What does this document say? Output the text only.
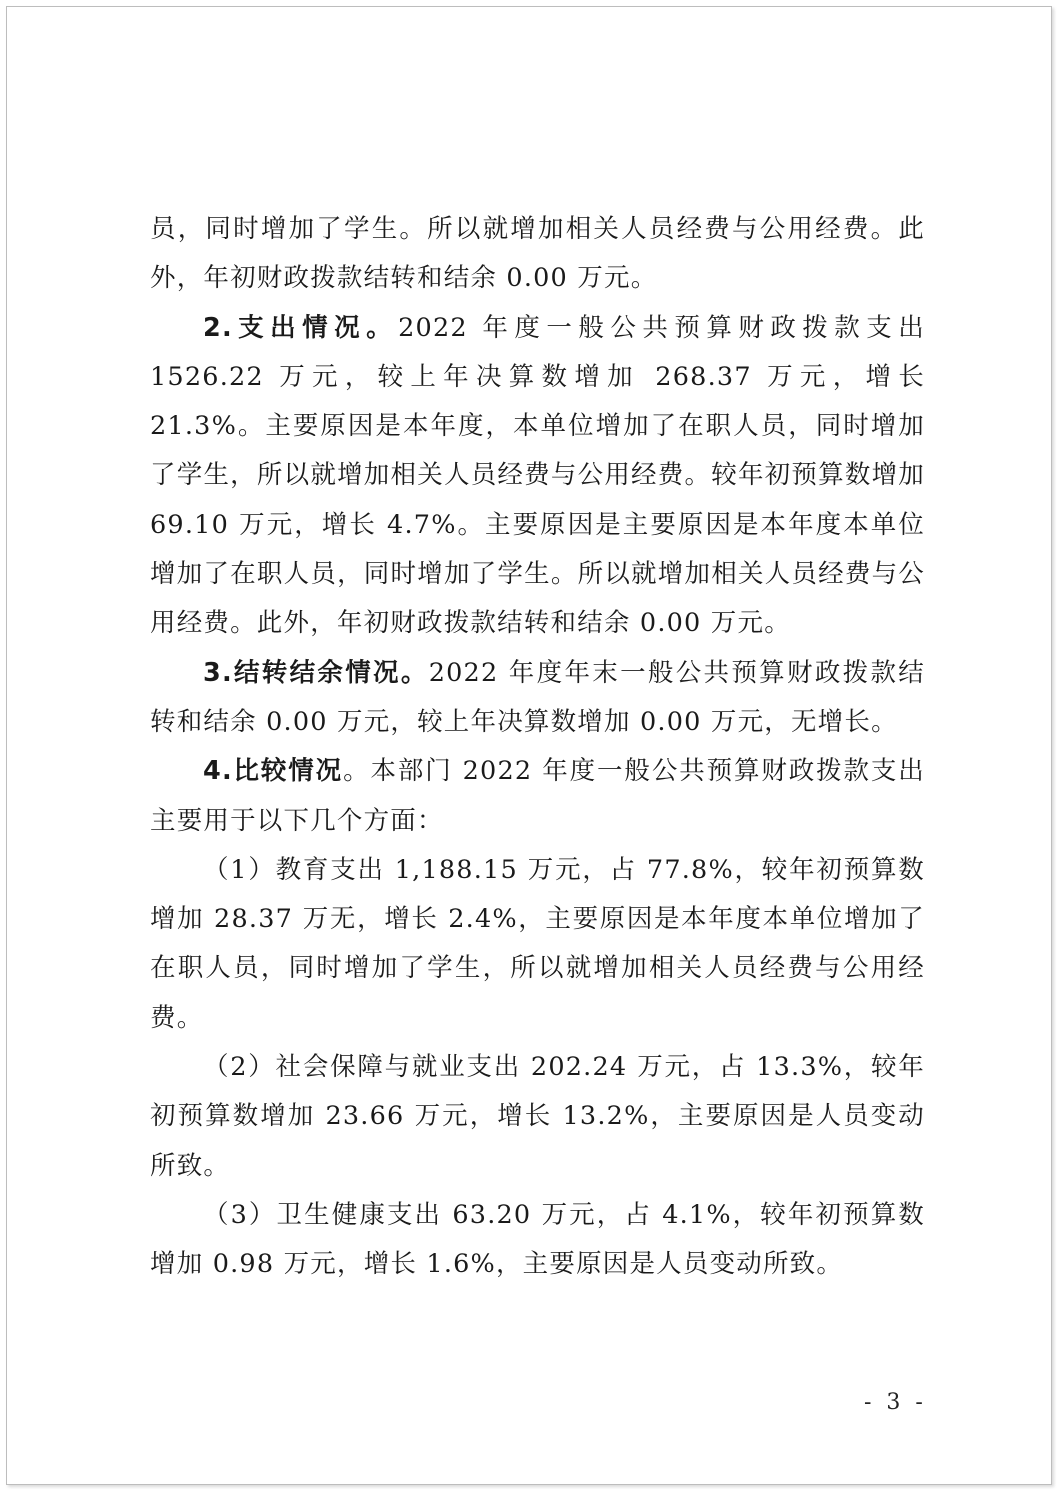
员，同时增加了学生。所以就增加相关人员经费与公用经费。此外，年初财政拨款结转和结余 0.00 万元。

2.支出情况。2022 年度一般公共预算财政拨款支出 1526.22 万元，较上年决算数增加 268.37 万元，增长 21.3%。主要原因是本年度，本单位增加了在职人员，同时增加了学生，所以就增加相关人员经费与公用经费。较年初预算数增加 69.10 万元，增长 4.7%。主要原因是主要原因是本年度本单位增加了在职人员，同时增加了学生。所以就增加相关人员经费与公用经费。此外，年初财政拨款结转和结余 0.00 万元。

3.结转结余情况。2022 年度年末一般公共预算财政拨款结转和结余 0.00 万元，较上年决算数增加 0.00 万元，无增长。

4.比较情况。本部门 2022 年度一般公共预算财政拨款支出主要用于以下几个方面：

（1）教育支出 1,188.15 万元，占 77.8%，较年初预算数增加 28.37 万无，增长 2.4%，主要原因是本年度本单位增加了在职人员，同时增加了学生，所以就增加相关人员经费与公用经费。

（2）社会保障与就业支出 202.24 万元，占 13.3%，较年初预算数增加 23.66 万元，增长 13.2%，主要原因是人员变动所致。

（3）卫生健康支出 63.20 万元，占 4.1%，较年初预算数增加 0.98 万元，增长 1.6%，主要原因是人员变动所致。

- 3 -
